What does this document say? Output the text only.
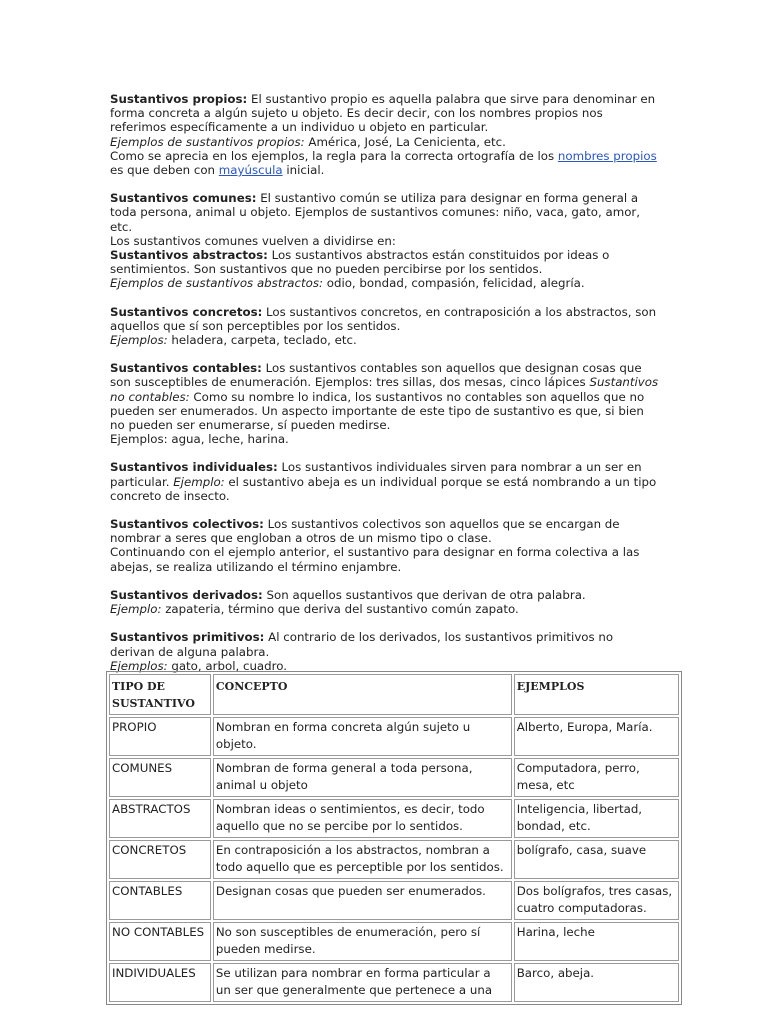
Sustantivos propios: El sustantivo propio es aquella palabra que sirve para denominar en forma concreta a algún sujeto u objeto. Es decir decir, con los nombres propios nos referimos específicamente a un individuo u objeto en particular.
Ejemplos de sustantivos propios: América, José, La Cenicienta, etc.
Como se aprecia en los ejemplos, la regla para la correcta ortografía de los nombres propios es que deben con mayúscula inicial.

Sustantivos comunes: El sustantivo común se utiliza para designar en forma general a toda persona, animal u objeto. Ejemplos de sustantivos comunes: niño, vaca, gato, amor, etc.
Los sustantivos comunes vuelven a dividirse en:
Sustantivos abstractos: Los sustantivos abstractos están constituidos por ideas o sentimientos. Son sustantivos que no pueden percibirse por los sentidos.
Ejemplos de sustantivos abstractos: odio, bondad, compasión, felicidad, alegría.

Sustantivos concretos: Los sustantivos concretos, en contraposición a los abstractos, son aquellos que sí son perceptibles por los sentidos.
Ejemplos: heladera, carpeta, teclado, etc.

Sustantivos contables: Los sustantivos contables son aquellos que designan cosas que son susceptibles de enumeración. Ejemplos: tres sillas, dos mesas, cinco lápices Sustantivos no contables: Como su nombre lo indica, los sustantivos no contables son aquellos que no pueden ser enumerados. Un aspecto importante de este tipo de sustantivo es que, si bien no pueden ser enumerarse, sí pueden medirse.
Ejemplos: agua, leche, harina.

Sustantivos individuales: Los sustantivos individuales sirven para nombrar a un ser en particular. Ejemplo: el sustantivo abeja es un individual porque se está nombrando a un tipo concreto de insecto.

Sustantivos colectivos: Los sustantivos colectivos son aquellos que se encargan de nombrar a seres que engloban a otros de un mismo tipo o clase.
Continuando con el ejemplo anterior, el sustantivo para designar en forma colectiva a las abejas, se realiza utilizando el término enjambre.

Sustantivos derivados: Son aquellos sustantivos que derivan de otra palabra.
Ejemplo: zapateria, término que deriva del sustantivo común zapato.

Sustantivos primitivos: Al contrario de los derivados, los sustantivos primitivos no derivan de alguna palabra.
Ejemplos: gato, arbol, cuadro.

TIPO DE SUSTANTIVO	CONCEPTO	EJEMPLOS
PROPIO	Nombran en forma concreta algún sujeto u objeto.	Alberto, Europa, María.
COMUNES	Nombran de forma general a toda persona, animal u objeto	Computadora, perro, mesa, etc
ABSTRACTOS	Nombran ideas o sentimientos, es decir, todo aquello que no se percibe por lo sentidos.	Inteligencia, libertad, bondad, etc.
CONCRETOS	En contraposición a los abstractos, nombran a todo aquello que es perceptible por los sentidos.	bolígrafo, casa, suave
CONTABLES	Designan cosas que pueden ser enumerados.	Dos bolígrafos, tres casas, cuatro computadoras.
NO CONTABLES	No son susceptibles de enumeración, pero sí pueden medirse.	Harina, leche
INDIVIDUALES	Se utilizan para nombrar en forma particular a un ser que generalmente que pertenece a una	Barco, abeja.
